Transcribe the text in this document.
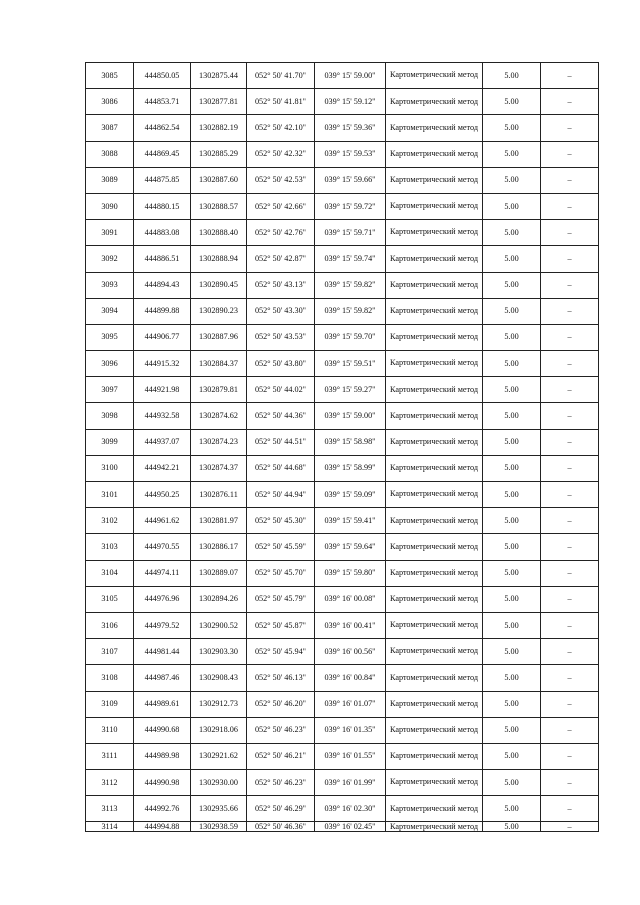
3085	444850.05	1302875.44	052° 50' 41.70"	039° 15' 59.00"	Картометрический метод	5.00	–
3086	444853.71	1302877.81	052° 50' 41.81"	039° 15' 59.12"	Картометрический метод	5.00	–
3087	444862.54	1302882.19	052° 50' 42.10"	039° 15' 59.36"	Картометрический метод	5.00	–
3088	444869.45	1302885.29	052° 50' 42.32"	039° 15' 59.53"	Картометрический метод	5.00	–
3089	444875.85	1302887.60	052° 50' 42.53"	039° 15' 59.66"	Картометрический метод	5.00	–
3090	444880.15	1302888.57	052° 50' 42.66"	039° 15' 59.72"	Картометрический метод	5.00	–
3091	444883.08	1302888.40	052° 50' 42.76"	039° 15' 59.71"	Картометрический метод	5.00	–
3092	444886.51	1302888.94	052° 50' 42.87"	039° 15' 59.74"	Картометрический метод	5.00	–
3093	444894.43	1302890.45	052° 50' 43.13"	039° 15' 59.82"	Картометрический метод	5.00	–
3094	444899.88	1302890.23	052° 50' 43.30"	039° 15' 59.82"	Картометрический метод	5.00	–
3095	444906.77	1302887.96	052° 50' 43.53"	039° 15' 59.70"	Картометрический метод	5.00	–
3096	444915.32	1302884.37	052° 50' 43.80"	039° 15' 59.51"	Картометрический метод	5.00	–
3097	444921.98	1302879.81	052° 50' 44.02"	039° 15' 59.27"	Картометрический метод	5.00	–
3098	444932.58	1302874.62	052° 50' 44.36"	039° 15' 59.00"	Картометрический метод	5.00	–
3099	444937.07	1302874.23	052° 50' 44.51"	039° 15' 58.98"	Картометрический метод	5.00	–
3100	444942.21	1302874.37	052° 50' 44.68"	039° 15' 58.99"	Картометрический метод	5.00	–
3101	444950.25	1302876.11	052° 50' 44.94"	039° 15' 59.09"	Картометрический метод	5.00	–
3102	444961.62	1302881.97	052° 50' 45.30"	039° 15' 59.41"	Картометрический метод	5.00	–
3103	444970.55	1302886.17	052° 50' 45.59"	039° 15' 59.64"	Картометрический метод	5.00	–
3104	444974.11	1302889.07	052° 50' 45.70"	039° 15' 59.80"	Картометрический метод	5.00	–
3105	444976.96	1302894.26	052° 50' 45.79"	039° 16' 00.08"	Картометрический метод	5.00	–
3106	444979.52	1302900.52	052° 50' 45.87"	039° 16' 00.41"	Картометрический метод	5.00	–
3107	444981.44	1302903.30	052° 50' 45.94"	039° 16' 00.56"	Картометрический метод	5.00	–
3108	444987.46	1302908.43	052° 50' 46.13"	039° 16' 00.84"	Картометрический метод	5.00	–
3109	444989.61	1302912.73	052° 50' 46.20"	039° 16' 01.07"	Картометрический метод	5.00	–
3110	444990.68	1302918.06	052° 50' 46.23"	039° 16' 01.35"	Картометрический метод	5.00	–
3111	444989.98	1302921.62	052° 50' 46.21"	039° 16' 01.55"	Картометрический метод	5.00	–
3112	444990.98	1302930.00	052° 50' 46.23"	039° 16' 01.99"	Картометрический метод	5.00	–
3113	444992.76	1302935.66	052° 50' 46.29"	039° 16' 02.30"	Картометрический метод	5.00	–
3114	444994.88	1302938.59	052° 50' 46.36"	039° 16' 02.45"	Картометрический метод	5.00	–
